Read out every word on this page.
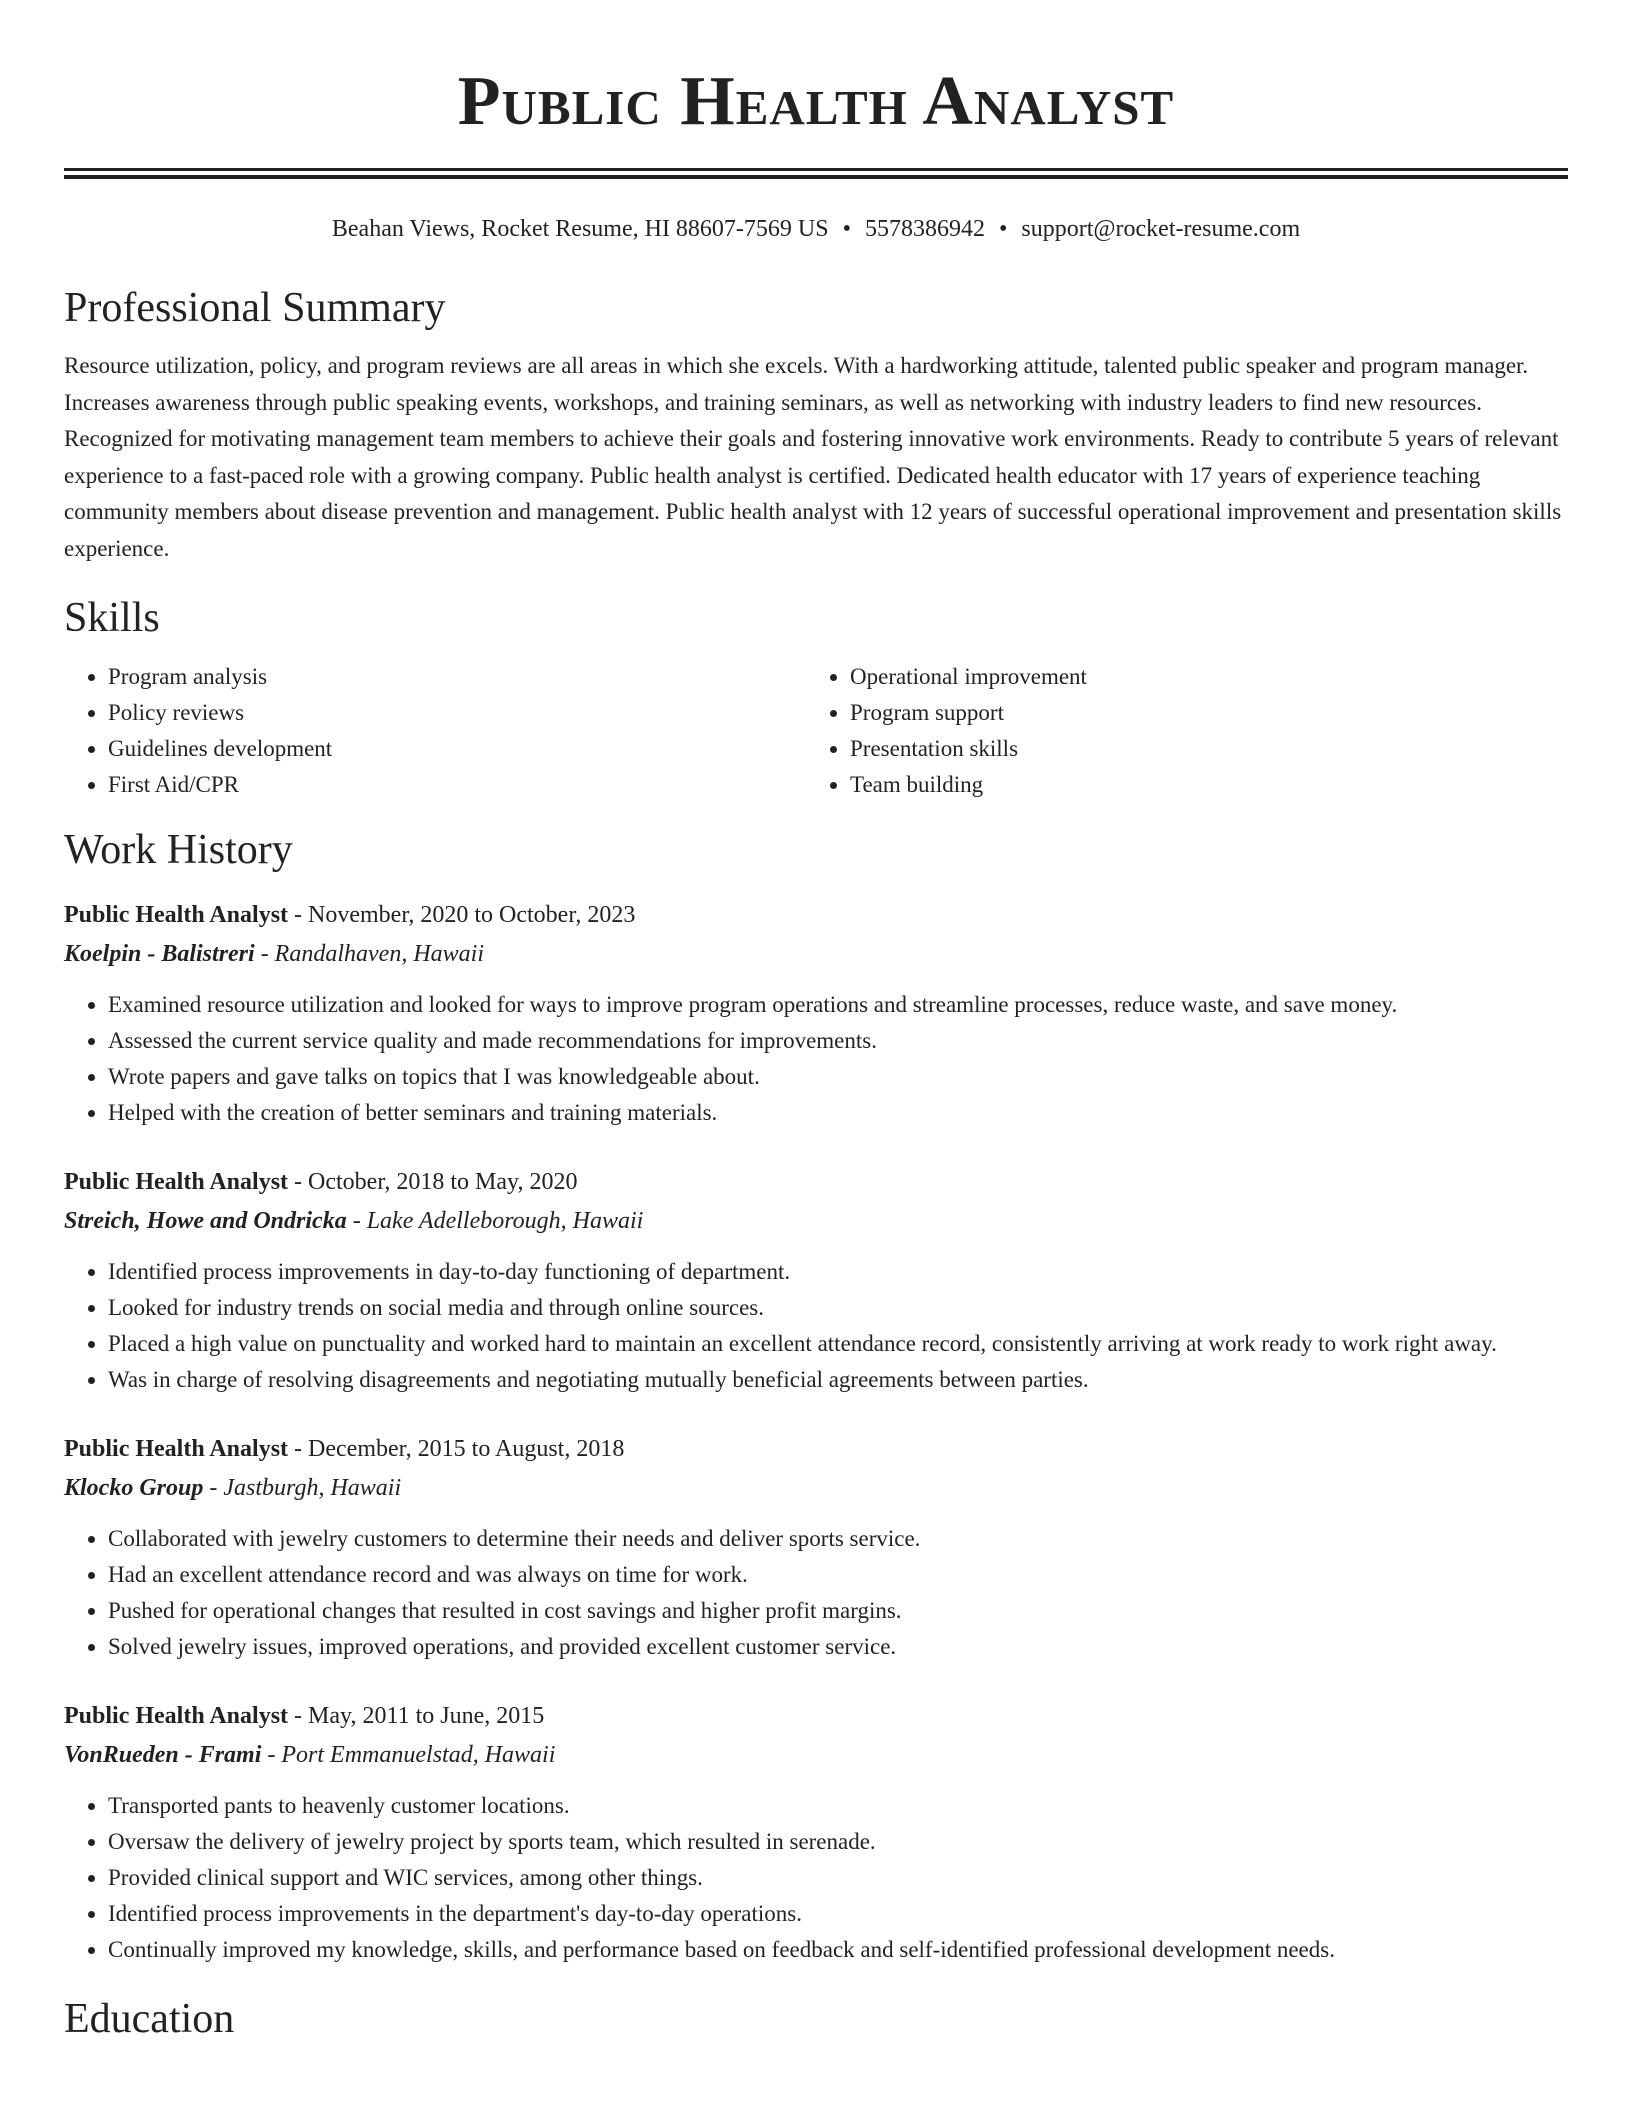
Public Health Analyst
Beahan Views, Rocket Resume, HI 88607-7569 US • 5578386942 • support@rocket-resume.com
Professional Summary

Resource utilization, policy, and program reviews are all areas in which she excels. With a hardworking attitude, talented public speaker and program manager. Increases awareness through public speaking events, workshops, and training seminars, as well as networking with industry leaders to find new resources. Recognized for motivating management team members to achieve their goals and fostering innovative work environments. Ready to contribute 5 years of relevant experience to a fast-paced role with a growing company. Public health analyst is certified. Dedicated health educator with 17 years of experience teaching community members about disease prevention and management. Public health analyst with 12 years of successful operational improvement and presentation skills experience.

Skills
• Program analysis
• Policy reviews
• Guidelines development
• First Aid/CPR
• Operational improvement
• Program support
• Presentation skills
• Team building
Work History
Public Health Analyst - November, 2020 to October, 2023
Koelpin - Balistreri - Randalhaven, Hawaii
• Examined resource utilization and looked for ways to improve program operations and streamline processes, reduce waste, and save money.
• Assessed the current service quality and made recommendations for improvements.
• Wrote papers and gave talks on topics that I was knowledgeable about.
• Helped with the creation of better seminars and training materials.
Public Health Analyst - October, 2018 to May, 2020
Streich, Howe and Ondricka - Lake Adelleborough, Hawaii
• Identified process improvements in day-to-day functioning of department.
• Looked for industry trends on social media and through online sources.
• Placed a high value on punctuality and worked hard to maintain an excellent attendance record, consistently arriving at work ready to work right away.
• Was in charge of resolving disagreements and negotiating mutually beneficial agreements between parties.
Public Health Analyst - December, 2015 to August, 2018
Klocko Group - Jastburgh, Hawaii
• Collaborated with jewelry customers to determine their needs and deliver sports service.
• Had an excellent attendance record and was always on time for work.
• Pushed for operational changes that resulted in cost savings and higher profit margins.
• Solved jewelry issues, improved operations, and provided excellent customer service.
Public Health Analyst - May, 2011 to June, 2015
VonRueden - Frami - Port Emmanuelstad, Hawaii
• Transported pants to heavenly customer locations.
• Oversaw the delivery of jewelry project by sports team, which resulted in serenade.
• Provided clinical support and WIC services, among other things.
• Identified process improvements in the department's day-to-day operations.
• Continually improved my knowledge, skills, and performance based on feedback and self-identified professional development needs.
Education
